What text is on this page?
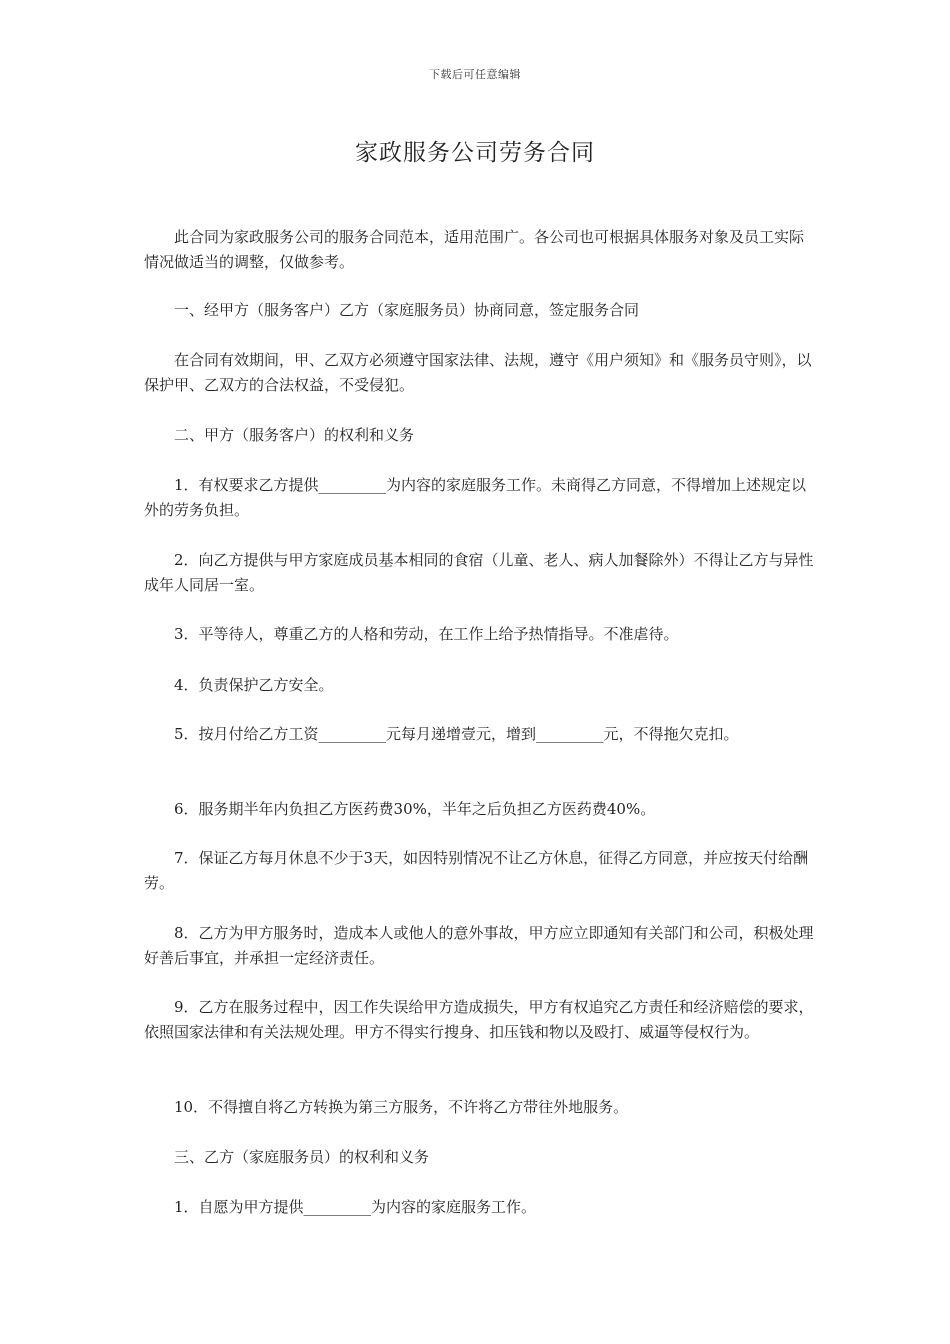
下载后可任意编辑
家政服务公司劳务合同

此合同为家政服务公司的服务合同范本，适用范围广。各公司也可根据具体服务对象及员工实际情况做适当的调整，仅做参考。

一、经甲方（服务客户）乙方（家庭服务员）协商同意，签定服务合同

在合同有效期间，甲、乙双方必须遵守国家法律、法规，遵守《用户须知》和《服务员守则》，以保护甲、乙双方的合法权益，不受侵犯。

二、甲方（服务客户）的权利和义务

1．有权要求乙方提供_________为内容的家庭服务工作。未商得乙方同意，不得增加上述规定以外的劳务负担。

2．向乙方提供与甲方家庭成员基本相同的食宿（儿童、老人、病人加餐除外）不得让乙方与异性成年人同居一室。

3．平等待人，尊重乙方的人格和劳动，在工作上给予热情指导。不准虐待。

4．负责保护乙方安全。

5．按月付给乙方工资_________元每月递增壹元，增到_________元，不得拖欠克扣。

6．服务期半年内负担乙方医药费30%，半年之后负担乙方医药费40%。

7．保证乙方每月休息不少于3天，如因特别情况不让乙方休息，征得乙方同意，并应按天付给酬劳。

8．乙方为甲方服务时，造成本人或他人的意外事故，甲方应立即通知有关部门和公司，积极处理好善后事宜，并承担一定经济责任。

9．乙方在服务过程中，因工作失误给甲方造成损失，甲方有权追究乙方责任和经济赔偿的要求，依照国家法律和有关法规处理。甲方不得实行搜身、扣压钱和物以及殴打、威逼等侵权行为。

10．不得擅自将乙方转换为第三方服务，不许将乙方带往外地服务。

三、乙方（家庭服务员）的权利和义务

1．自愿为甲方提供_________为内容的家庭服务工作。
